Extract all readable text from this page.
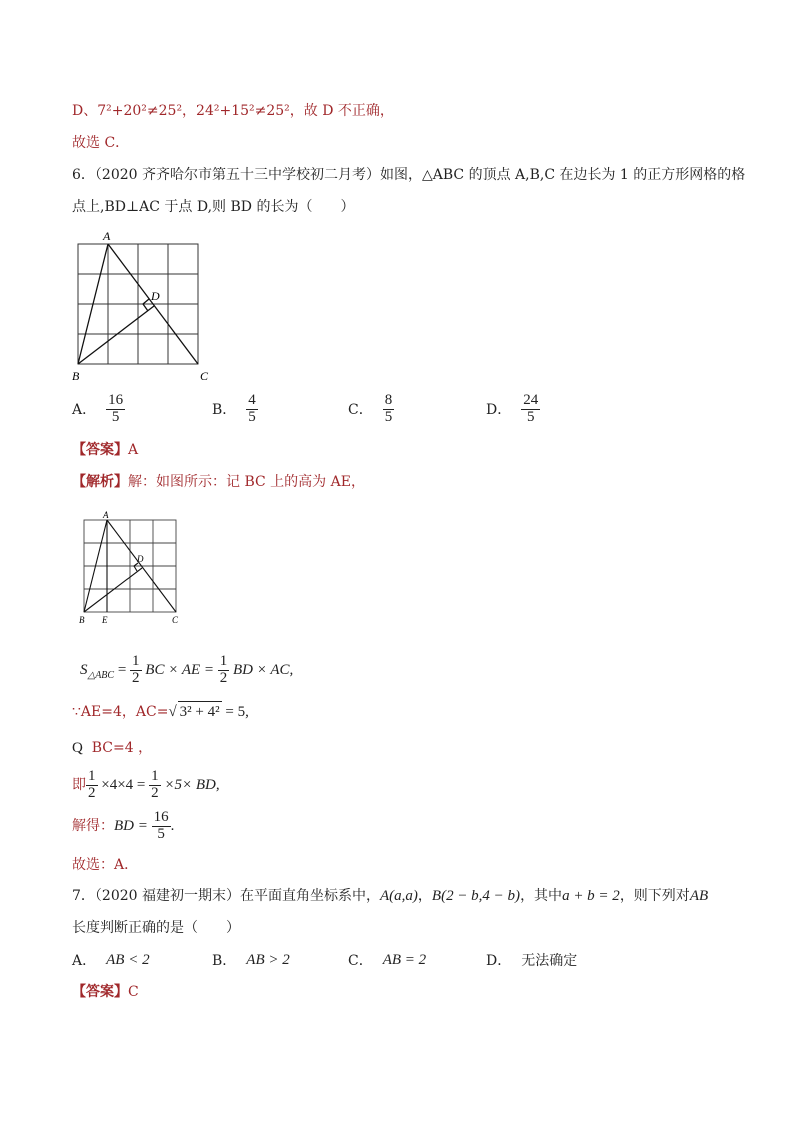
D、7²+20²≠25²，24²+15²≠25²，故 D 不正确，
故选 C．
6．（2020 齐齐哈尔市第五十三中学校初二月考）如图，△ABC 的顶点 A,B,C 在边长为 1 的正方形网格的格
点上,BD⊥AC 于点 D,则 BD 的长为（　　）
A
B	C
D
A． $\frac{16}{5}$	B． $\frac{4}{5}$	C． $\frac{8}{5}$	D． $\frac{24}{5}$
【答案】A
【解析】解：如图所示：记 BC 上的高为 AE，
A
B E	C
D
$S_{\triangle ABC} = \frac{1}{2}$ BC × AE = $\frac{1}{2}$ BD × AC,
∵AE=4，AC=√ 3² + 4² = 5,
Q BC=4 ，
即 $\frac{1}{2} \times 4\times 4 = \frac{1}{2} \times 5\times$ BD,
解得：BD = $\frac{16}{5}$ .
故选：A．
7．（2020 福建初一期末）在平面直角坐标系中，A(a,a)，B(2 − b,4 − b)，其中a + b = 2，则下列对AB
长度判断正确的是（　　）
A． AB < 2	B． AB > 2	C． AB = 2	D． 无法确定
【答案】C
